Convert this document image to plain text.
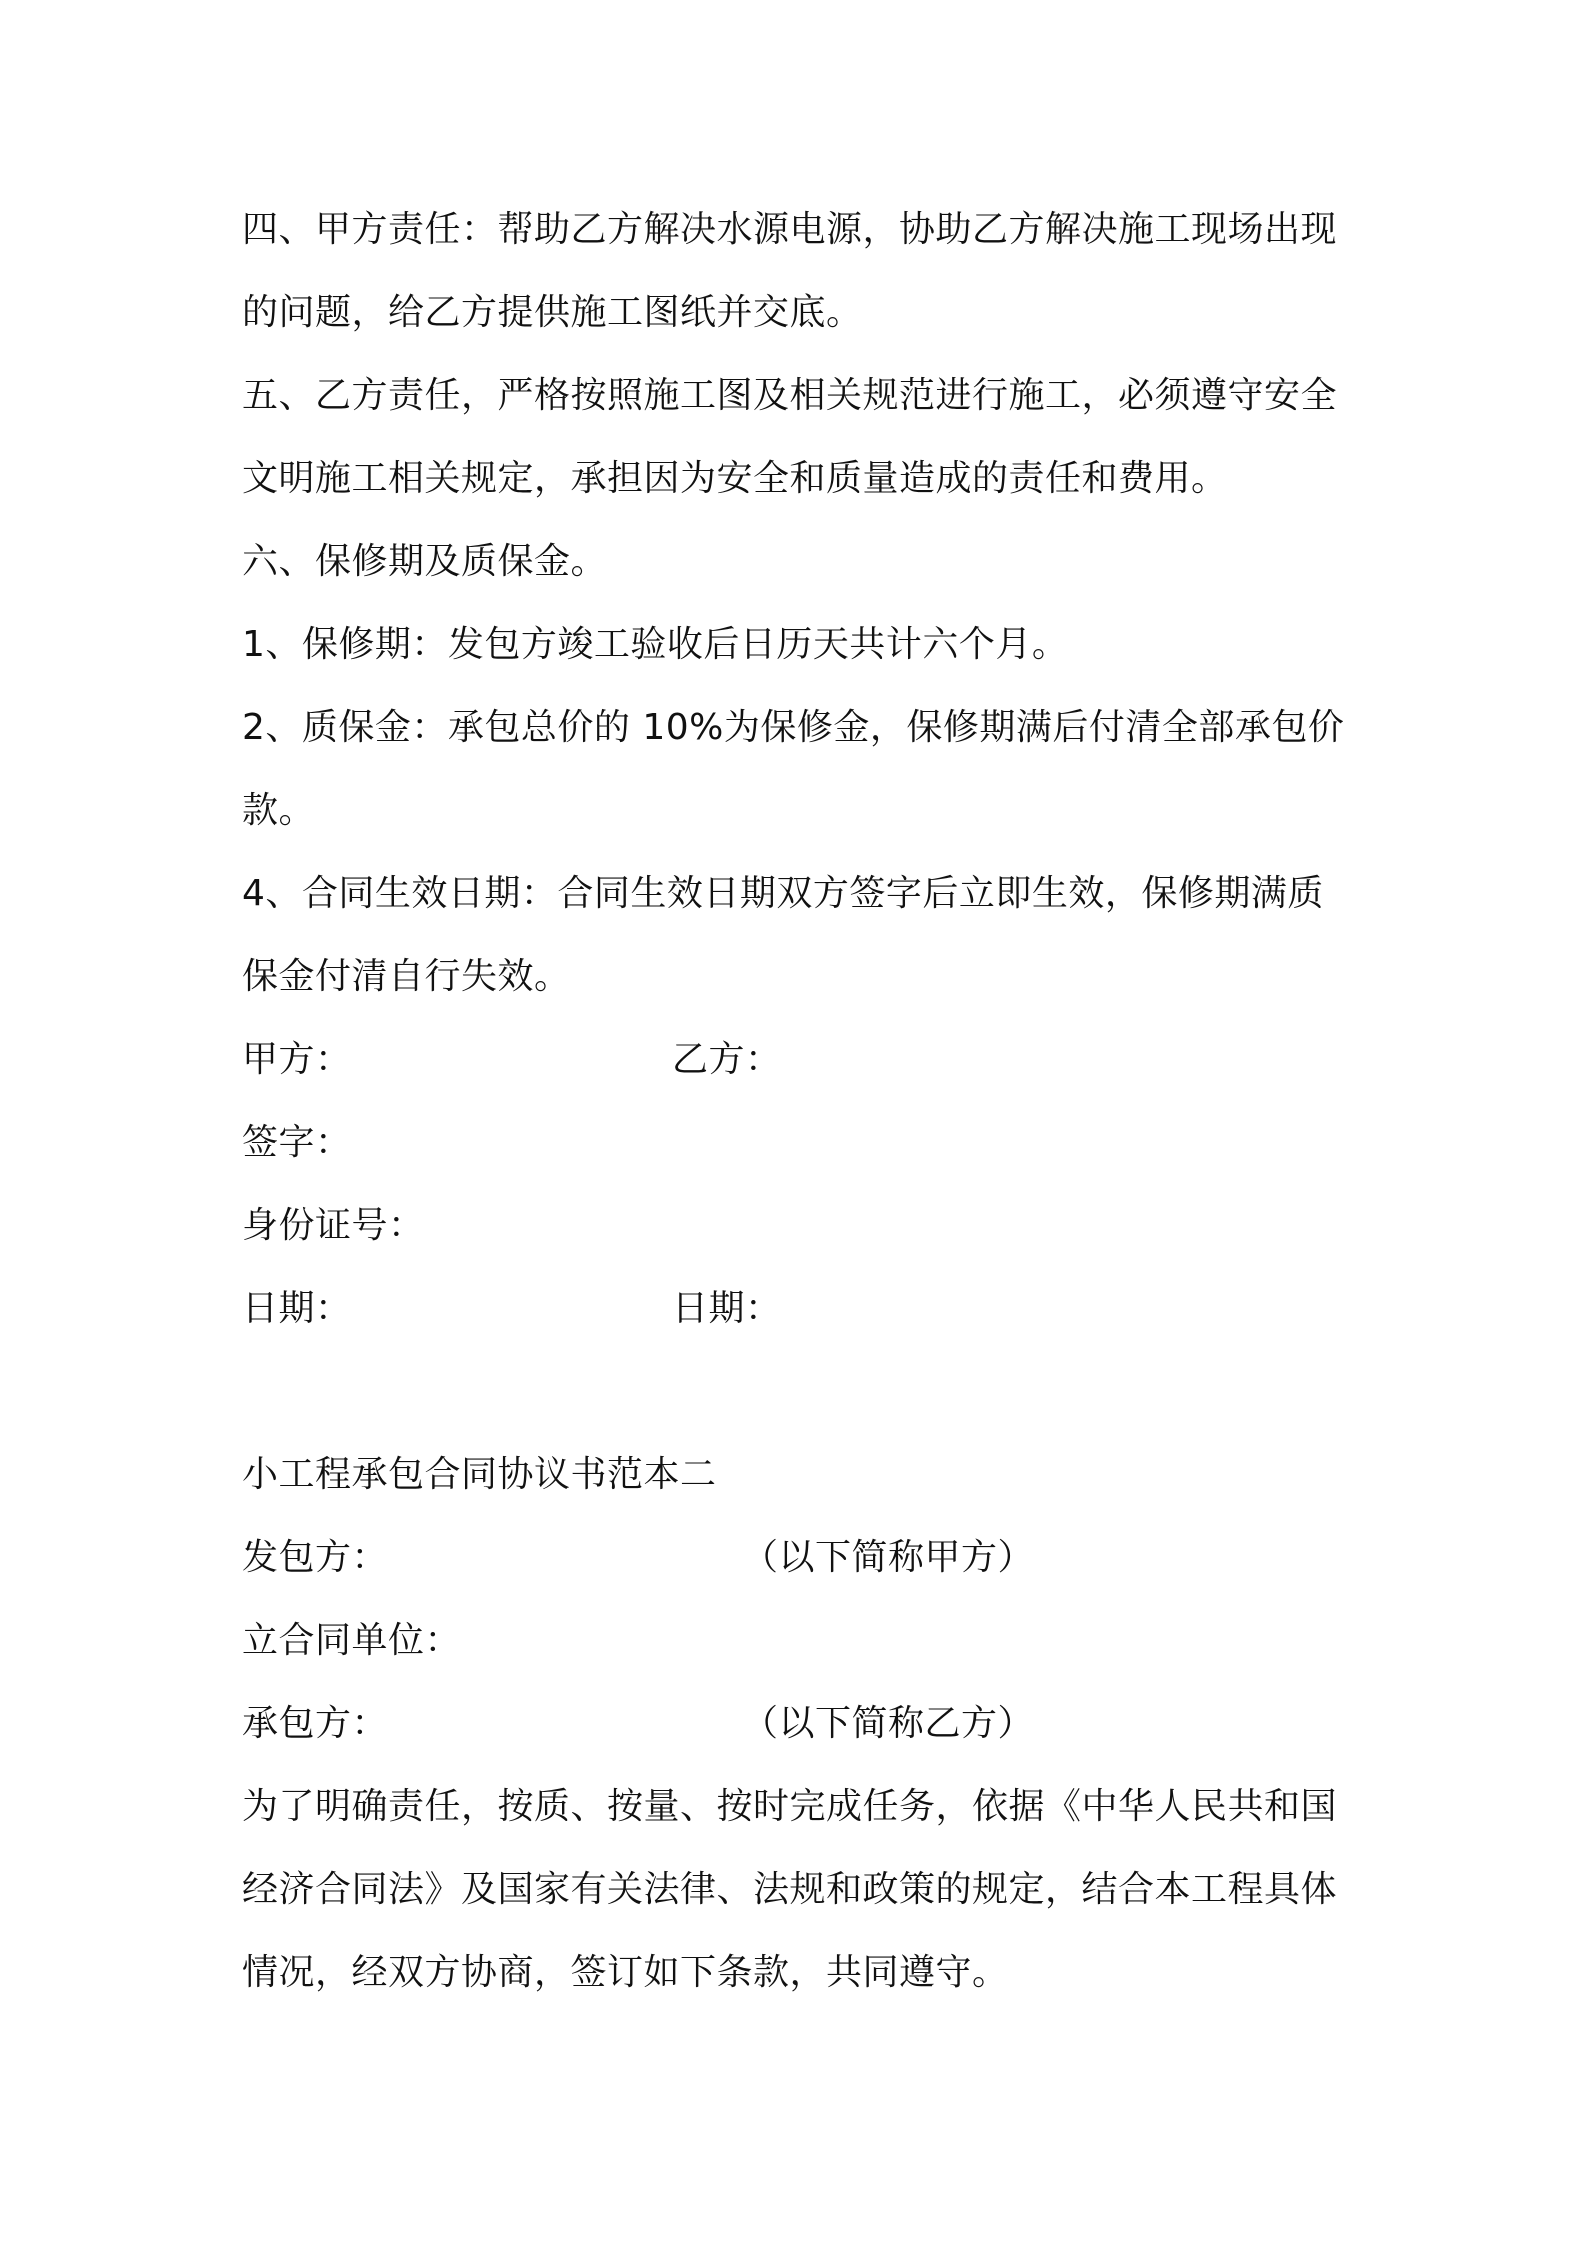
四、甲方责任：帮助乙方解决水源电源，协助乙方解决施工现场出现
的问题，给乙方提供施工图纸并交底。
五、乙方责任，严格按照施工图及相关规范进行施工，必须遵守安全
文明施工相关规定，承担因为安全和质量造成的责任和费用。
六、保修期及质保金。
1、保修期：发包方竣工验收后日历天共计六个月。
2、质保金：承包总价的 10%为保修金，保修期满后付清全部承包价
款。
4、合同生效日期：合同生效日期双方签字后立即生效，保修期满质
保金付清自行失效。
甲方：	乙方：
签字：
身份证号：
日期：	日期：
小工程承包合同协议书范本二
发包方：	（以下简称甲方）
立合同单位：
承包方：	（以下简称乙方）
为了明确责任，按质、按量、按时完成任务，依据《中华人民共和国
经济合同法》及国家有关法律、法规和政策的规定，结合本工程具体
情况，经双方协商，签订如下条款，共同遵守。
